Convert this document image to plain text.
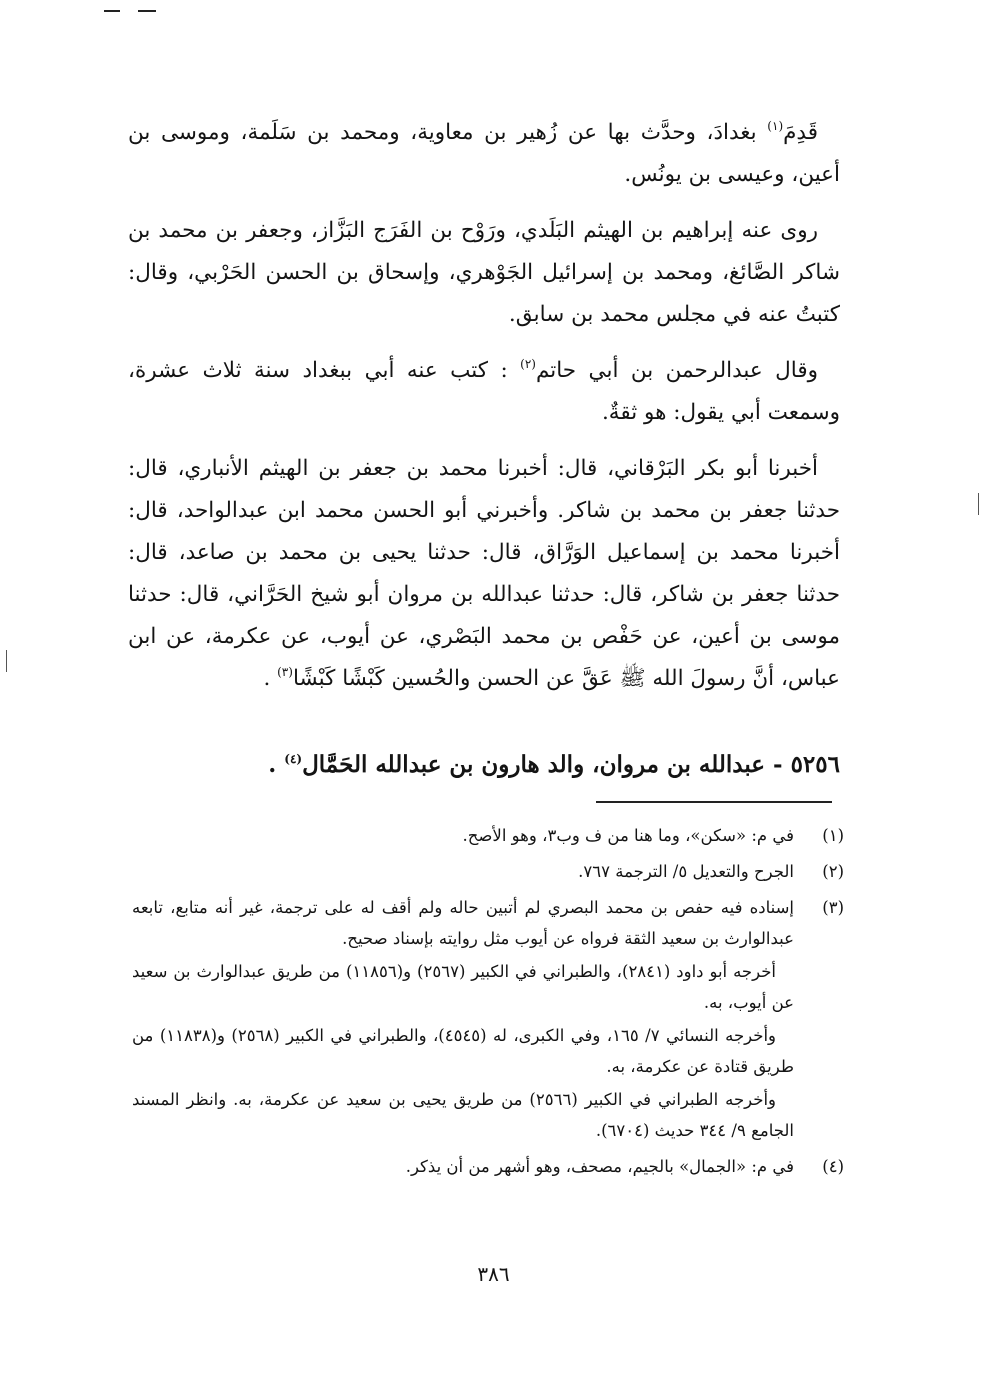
قَدِمَ$^{(١)}$ بغدادَ، وحدَّث بها عن زُهير بن معاوية، ومحمد بن سَلَمة، وموسى بن أعين، وعيسى بن يونُس.

روى عنه إبراهيم بن الهيثم البَلَدي، ورَوْح بن الفَرَج البَزَّاز، وجعفر بن محمد بن شاكر الصَّائغ، ومحمد بن إسرائيل الجَوْهري، وإسحاق بن الحسن الحَرْبي، وقال: كتبتُ عنه في مجلس محمد بن سابق.

وقال عبدالرحمن بن أبي حاتم$^{(٢)}$ : كتب عنه أبي ببغداد سنة ثلاث عشرة، وسمعت أبي يقول: هو ثقةٌ.

أخبرنا أبو بكر البَرْقاني، قال: أخبرنا محمد بن جعفر بن الهيثم الأنباري، قال: حدثنا جعفر بن محمد بن شاكر. وأخبرني أبو الحسن محمد ابن عبدالواحد، قال: أخبرنا محمد بن إسماعيل الوَرَّاق، قال: حدثنا يحيى بن محمد بن صاعد، قال: حدثنا جعفر بن شاكر، قال: حدثنا عبدالله بن مروان أبو شيخ الحَرَّاني، قال: حدثنا موسى بن أعين، عن حَفْص بن محمد البَصْري، عن أيوب، عن عكرمة، عن ابن عباس، أنَّ رسولَ الله ﷺ عَقَّ عن الحسن والحُسين كَبْشًا كَبْشًا$^{(٣)}$ .

٥٢٥٦ - عبدالله بن مروان، والد هارون بن عبدالله الحَمَّال$^{(٤)}$ .
(١)

في م: «سكن»، وما هنا من ف وب٣، وهو الأصح.

(٢)

الجرح والتعديل ٥/ الترجمة ٧٦٧.

(٣)

إسناده فيه حفص بن محمد البصري لم أتبين حاله ولم أقف له على ترجمة، غير أنه متابع، تابعه عبدالوارث بن سعيد الثقة فرواه عن أيوب مثل روايته بإسناد صحيح.

أخرجه أبو داود (٢٨٤١)، والطبراني في الكبير (٢٥٦٧) و(١١٨٥٦) من طريق عبدالوارث بن سعيد عن أيوب، به.

وأخرجه النسائي ٧/ ١٦٥، وفي الكبرى، له (٤٥٤٥)، والطبراني في الكبير (٢٥٦٨) و(١١٨٣٨) من طريق قتادة عن عكرمة، به.

وأخرجه الطبراني في الكبير (٢٥٦٦) من طريق يحيى بن سعيد عن عكرمة، به. وانظر المسند الجامع ٩/ ٣٤٤ حديث (٦٧٠٤).

(٤)

في م: «الجمال» بالجيم، مصحف، وهو أشهر من أن يذكر.

٣٨٦
